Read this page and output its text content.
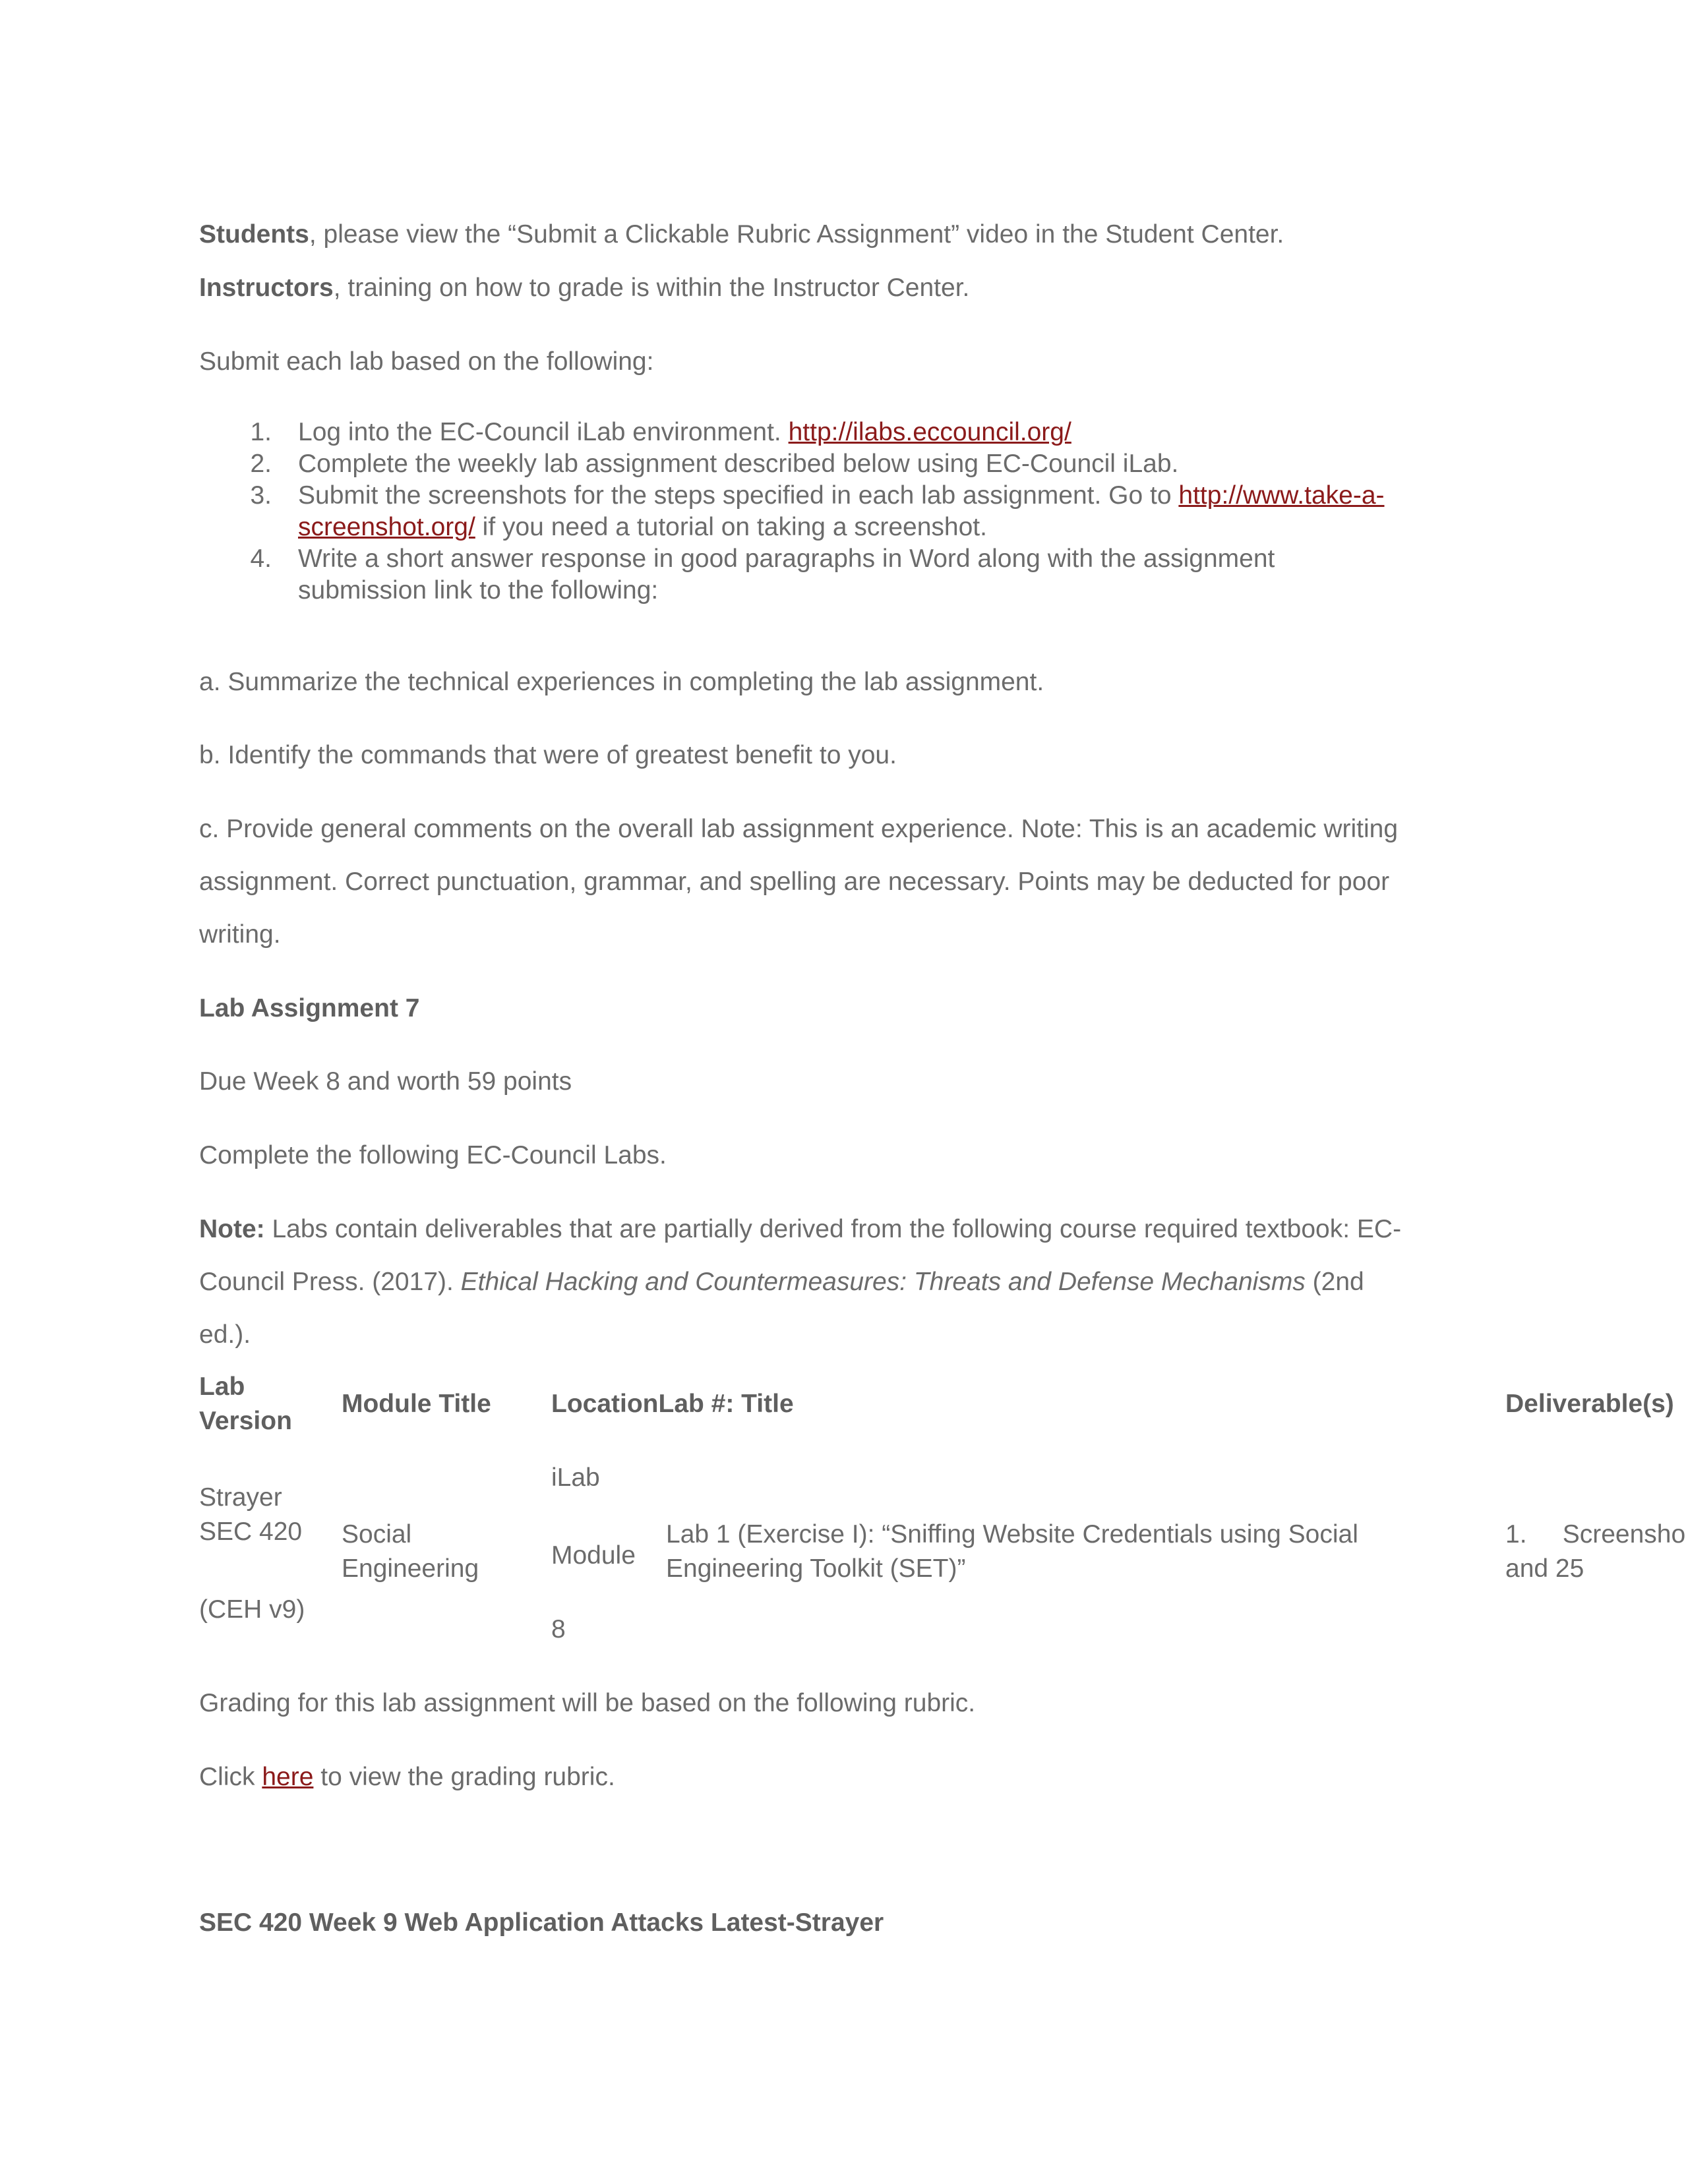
Students, please view the “Submit a Clickable Rubric Assignment” video in the Student Center.
Instructors, training on how to grade is within the Instructor Center.
Submit each lab based on the following:
1. Log into the EC-Council iLab environment. http://ilabs.eccouncil.org/
2. Complete the weekly lab assignment described below using EC-Council iLab.
3. Submit the screenshots for the steps specified in each lab assignment. Go to http://www.take-a-
screenshot.org/ if you need a tutorial on taking a screenshot.
4. Write a short answer response in good paragraphs in Word along with the assignment
submission link to the following:
a. Summarize the technical experiences in completing the lab assignment.
b. Identify the commands that were of greatest benefit to you.
c. Provide general comments on the overall lab assignment experience. Note: This is an academic writing
assignment. Correct punctuation, grammar, and spelling are necessary. Points may be deducted for poor
writing.
Lab Assignment 7
Due Week 8 and worth 59 points
Complete the following EC-Council Labs.
Note: Labs contain deliverables that are partially derived from the following course required textbook: EC-
Council Press. (2017). Ethical Hacking and Countermeasures: Threats and Defense Mechanisms (2nd
ed.).
Lab
Version
Module Title LocationLab #: Title	Deliverable(s)
Strayer
SEC 420
(CEH v9)
Social
Engineering
iLab
Module
8
Lab 1 (Exercise I): “Sniffing Website Credentials using Social
Engineering Toolkit (SET)”
1.     Screensho
and 25
Grading for this lab assignment will be based on the following rubric.
Click here to view the grading rubric.
SEC 420 Week 9 Web Application Attacks Latest-Strayer
